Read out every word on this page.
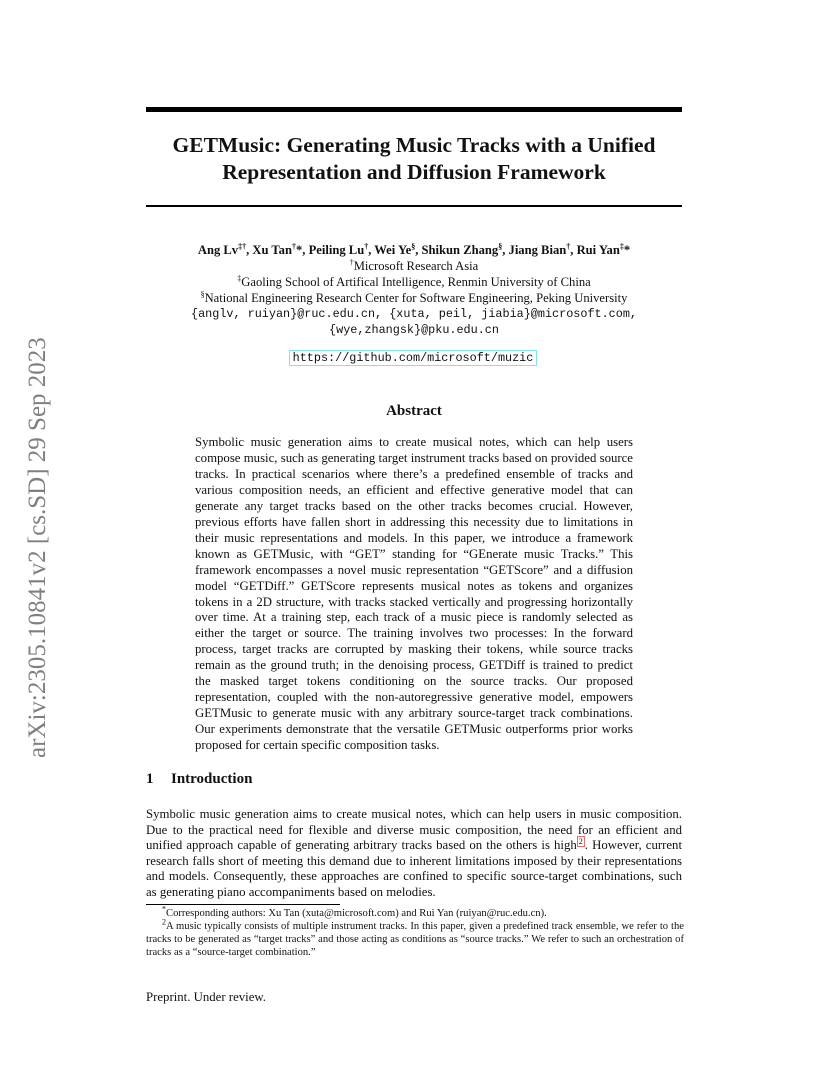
arXiv:2305.10841v2 [cs.SD] 29 Sep 2023
GETMusic: Generating Music Tracks with a Unified
Representation and Diffusion Framework
Ang Lv‡†, Xu Tan†*, Peiling Lu†, Wei Ye§, Shikun Zhang§, Jiang Bian†, Rui Yan‡*
†Microsoft Research Asia
‡Gaoling School of Artifical Intelligence, Renmin University of China
§National Engineering Research Center for Software Engineering, Peking University
{anglv, ruiyan}@ruc.edu.cn, {xuta, peil, jiabia}@microsoft.com,
{wye,zhangsk}@pku.edu.cn
https://github.com/microsoft/muzic
Abstract

Symbolic music generation aims to create musical notes, which can help users compose music, such as generating target instrument tracks based on provided source tracks. In practical scenarios where there’s a predefined ensemble of tracks and various composition needs, an efficient and effective generative model that can generate any target tracks based on the other tracks becomes crucial. However, previous efforts have fallen short in addressing this necessity due to limitations in their music representations and models. In this paper, we introduce a framework known as GETMusic, with “GET” standing for “GEnerate music Tracks.” This framework encompasses a novel music representation “GETScore” and a diffusion model “GETDiff.” GETScore represents musical notes as tokens and organizes tokens in a 2D structure, with tracks stacked vertically and progressing horizontally over time. At a training step, each track of a music piece is randomly selected as either the target or source. The training involves two processes: In the forward process, target tracks are corrupted by masking their tokens, while source tracks remain as the ground truth; in the denoising process, GETDiff is trained to predict the masked target tokens conditioning on the source tracks. Our proposed representation, coupled with the non-autoregressive generative model, empowers GETMusic to generate music with any arbitrary source-target track combinations. Our experiments demonstrate that the versatile GETMusic outperforms prior works proposed for certain specific composition tasks.

1 Introduction

Symbolic music generation aims to create musical notes, which can help users in music composition. Due to the practical need for flexible and diverse music composition, the need for an efficient and unified approach capable of generating arbitrary tracks based on the others is high $^2$ . However, current research falls short of meeting this demand due to inherent limitations imposed by their representations and models. Consequently, these approaches are confined to specific source-target combinations, such as generating piano accompaniments based on melodies.

*Corresponding authors: Xu Tan (xuta@microsoft.com) and Rui Yan (ruiyan@ruc.edu.cn).

$^2$A music typically consists of multiple instrument tracks. In this paper, given a predefined track ensemble, we refer to the tracks to be generated as “target tracks” and those acting as conditions as “source tracks.” We refer to such an orchestration of tracks as a “source-target combination.”

Preprint. Under review.
